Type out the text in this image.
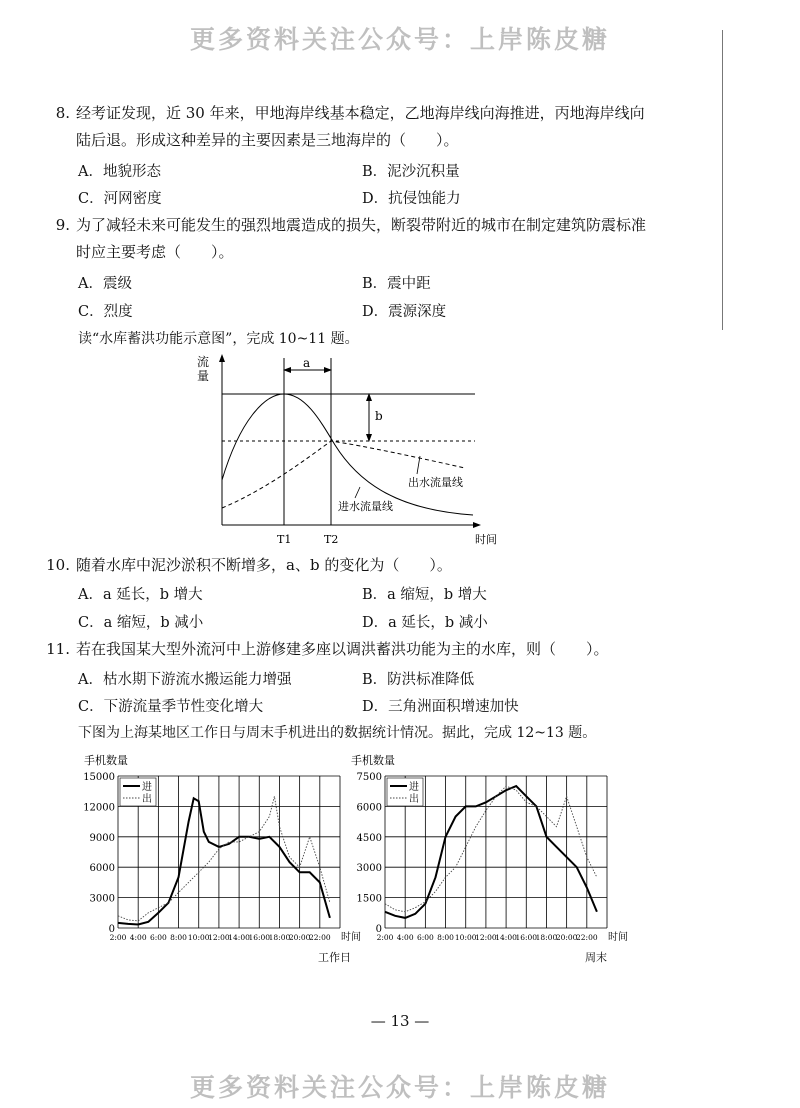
更多资料关注公众号：上岸陈皮糖
8. 经考证发现，近 30 年来，甲地海岸线基本稳定，乙地海岸线向海推进，丙地海岸线向
陆后退。形成这种差异的主要因素是三地海岸的（　　）。
A．地貌形态	B．泥沙沉积量
C．河网密度	D．抗侵蚀能力
9. 为了减轻未来可能发生的强烈地震造成的损失，断裂带附近的城市在制定建筑防震标准
时应主要考虑（　　）。
A．震级	B．震中距
C．烈度	D．震源深度
读“水库蓄洪功能示意图”，完成 10~11 题。
流
量
a
b
出水流量线
进水流量线
T1	T2	时间
10. 随着水库中泥沙淤积不断增多，a、b 的变化为（　　）。
A．a 延长，b 增大	B．a 缩短，b 增大
C．a 缩短，b 减小	D．a 延长，b 减小
11. 若在我国某大型外流河中上游修建多座以调洪蓄洪功能为主的水库，则（　　）。
A．枯水期下游流水搬运能力增强	B．防洪标准降低
C．下游流量季节性变化增大	D．三角洲面积增速加快
下图为上海某地区工作日与周末手机进出的数据统计情况。据此，完成 12~13 题。
手机数量
0
3000
6000
9000
12000
15000
2:00 4:00 6:00 8:00 10:00
12:00
14:00
16:00
18:00
20:00
22:00 时间
工作日
进
出
手机数量
0
1500
3000
4500
6000
7500
2:00 4:00 6:00 8:00 10:00
12:00
14:00
16:00
18:00
20:00
22:00 时间
周末
进
出
— 13 —
更多资料关注公众号：上岸陈皮糖
